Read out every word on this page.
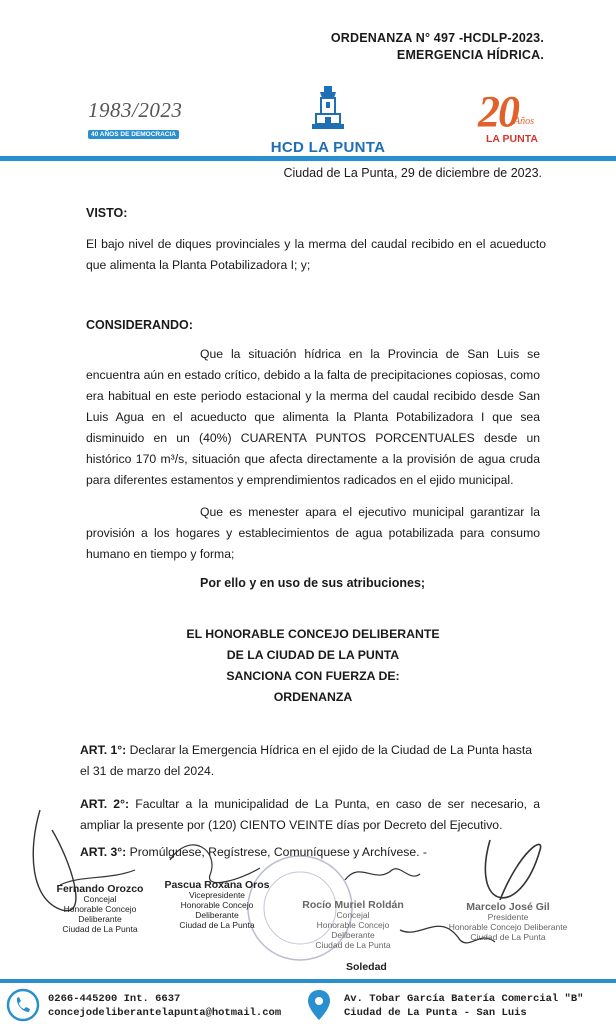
ORDENANZA N° 497 -HCDLP-2023.
EMERGENCIA HÍDRICA.
1983/2023
40 AÑOS DE DEMOCRACIA
HCD LA PUNTA
20
Años
LA PUNTA
Ciudad de La Punta, 29 de diciembre de 2023.
VISTO:
El bajo nivel de diques provinciales y la merma del caudal recibido en el acueducto que alimenta la Planta Potabilizadora I; y;
CONSIDERANDO:
Que la situación hídrica en la Provincia de San Luis se encuentra aún en estado crítico, debido a la falta de precipitaciones copiosas, como era habitual en este periodo estacional y la merma del caudal recibido desde San Luis Agua en el acueducto que alimenta la Planta Potabilizadora I que sea disminuido en un (40%) CUARENTA PUNTOS PORCENTUALES desde un histórico 170 m³/s, situación que afecta directamente a la provisión de agua cruda para diferentes estamentos y emprendimientos radicados en el ejido municipal.
Que es menester apara el ejecutivo municipal garantizar la provisión a los hogares y establecimientos de agua potabilizada para consumo humano en tiempo y forma;
Por ello y en uso de sus atribuciones;
EL HONORABLE CONCEJO DELIBERANTE
DE LA CIUDAD DE LA PUNTA
SANCIONA CON FUERZA DE:
ORDENANZA
ART. 1°: Declarar la Emergencia Hídrica en el ejido de la Ciudad de La Punta hasta el 31 de marzo del 2024.
ART. 2°: Facultar a la municipalidad de La Punta, en caso de ser necesario, a ampliar la presente por (120) CIENTO VEINTE días por Decreto del Ejecutivo.
ART. 3°: Promúlguese, Regístrese, Comuníquese y Archívese. -
Fernando Orozco
Concejal
Honorable Concejo Deliberante
Ciudad de La Punta
Pascua Roxana Oros
Vicepresidente
Honorable Concejo Deliberante
Ciudad de La Punta
Rocío Muriel Roldán
Concejal
Honorable Concejo Deliberante
Ciudad de La Punta
Marcelo José Gil
Presidente
Honorable Concejo Deliberante
Ciudad de La Punta
Soledad
0266-445200 Int. 6637
concejodeliberantelapunta@hotmail.com
Av. Tobar García Batería Comercial "B"
Ciudad de La Punta - San Luis
